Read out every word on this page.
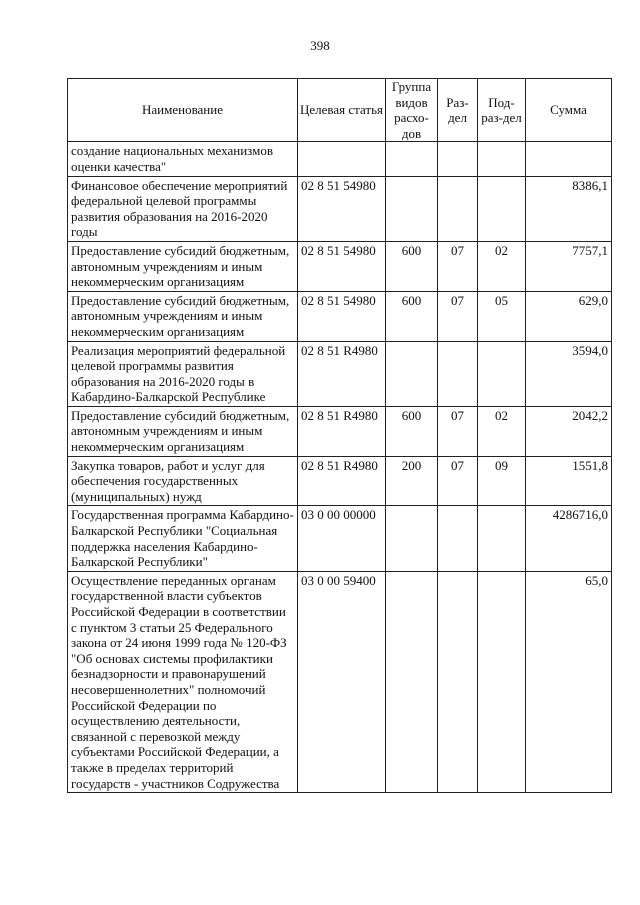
398
Наименование	Целевая статья	Группа видов расхо-дов	Раз-дел	Под-раз-дел	Сумма
создание национальных механизмов оценки качества"					
Финансовое обеспечение мероприятий федеральной целевой программы развития образования на 2016-2020 годы	02 8 51 54980				8386,1
Предоставление субсидий бюджетным, автономным учреждениям и иным некоммерческим организациям	02 8 51 54980	600	07	02	7757,1
Предоставление субсидий бюджетным, автономным учреждениям и иным некоммерческим организациям	02 8 51 54980	600	07	05	629,0
Реализация мероприятий федеральной целевой программы развития образования на 2016-2020 годы в Кабардино-Балкарской Республике	02 8 51 R4980				3594,0
Предоставление субсидий бюджетным, автономным учреждениям и иным некоммерческим организациям	02 8 51 R4980	600	07	02	2042,2
Закупка товаров, работ и услуг для обеспечения государственных (муниципальных) нужд	02 8 51 R4980	200	07	09	1551,8
Государственная программа Кабардино-Балкарской Республики "Социальная поддержка населения Кабардино-Балкарской Республики"	03 0 00 00000				4286716,0
Осуществление переданных органам государственной власти субъектов Российской Федерации в соответствии с пунктом 3 статьи 25 Федерального закона от 24 июня 1999 года № 120-ФЗ "Об основах системы профилактики безнадзорности и правонарушений несовершеннолетних" полномочий Российской Федерации по осуществлению деятельности, связанной с перевозкой между субъектами Российской Федерации, а также в пределах территорий государств - участников Содружества	03 0 00 59400				65,0
